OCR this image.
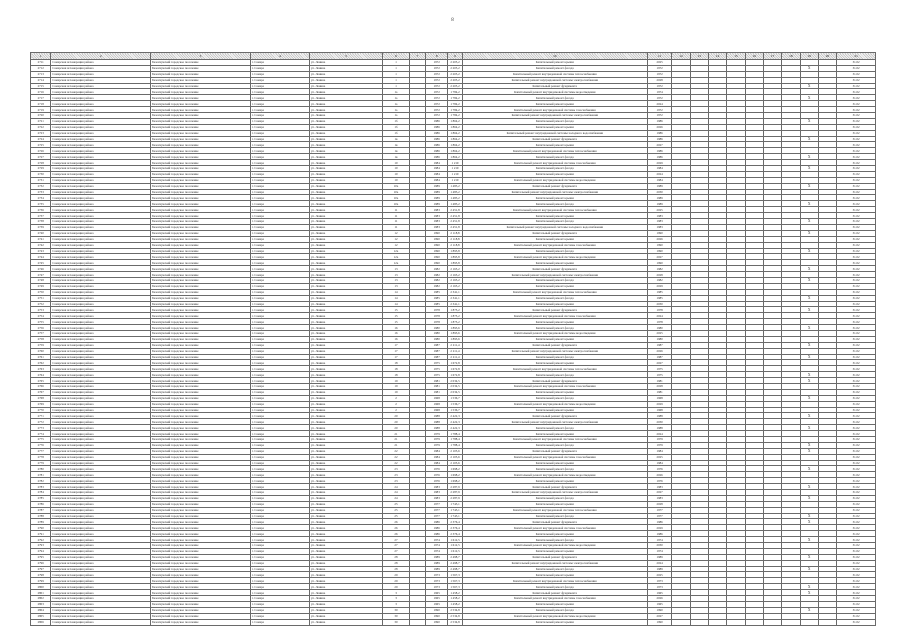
8
1	2	3	4	5	6	7	8	9	10	11	12	13	14	15	16	17	18	19	20	21
2711	Самарская агломерация района	Безенчукский городское поселение	г. Самара	ул. Ленина	1		1972	2 205,2	Капитальный ремонт крыши	2025										31.02
2712	Самарская агломерация района	Безенчукский городское поселение	г. Самара	ул. Ленина	1		1972	2 205,2	Капитальный ремонт фасада	1972								X		31.02
2713	Самарская агломерация района	Безенчукский городское поселение	г. Самара	ул. Ленина	1		1972	2 205,2	Капитальный ремонт внутридомовой системы теплоснабжения	1972										31.02
2714	Самарская агломерация района	Безенчукский городское поселение	г. Самара	ул. Ленина	1		1972	2 205,2	Капитальный ремонт внутридомовой системы электроснабжения	2028										31.02
2715	Самарская агломерация района	Безенчукский городское поселение	г. Самара	ул. Ленина	1		1972	2 205,2	Капитальный ремонт фундамента	1972								X		31.02
2716	Самарская агломерация района	Безенчукский городское поселение	г. Самара	ул. Ленина	1а		1972	1 784,2	Капитальный ремонт внутридомовой системы водоотведения	1974										31.02
2717	Самарская агломерация района	Безенчукский городское поселение	г. Самара	ул. Ленина	1а		1972	1 784,2	Капитальный ремонт фасада	1972								X		31.02
2718	Самарская агломерация района	Безенчукский городское поселение	г. Самара	ул. Ленина	1а		1972	1 784,2	Капитальный ремонт крыши	2024										31.02
2719	Самарская агломерация района	Безенчукский городское поселение	г. Самара	ул. Ленина	1а		1972	1 784,2	Капитальный ремонт внутридомовой системы газоснабжения	1972										31.02
2720	Самарская агломерация района	Безенчукский городское поселение	г. Самара	ул. Ленина	1а		1972	1 784,2	Капитальный ремонт внутридомовой системы электроснабжения	1972										31.02
2721	Самарская агломерация района	Безенчукский городское поселение	г. Самара	ул. Ленина	1б		1986	1 864,2	Капитальный ремонт фасада	1986								X		31.02
2722	Самарская агломерация района	Безенчукский городское поселение	г. Самара	ул. Ленина	1б		1986	1 864,2	Капитальный ремонт крыши	2026										31.02
2723	Самарская агломерация района	Безенчукский городское поселение	г. Самара	ул. Ленина	1б		1986	1 864,2	Капитальный ремонт внутридомовой системы холодного водоснабжения	1986										31.02
2724	Самарская агломерация района	Безенчукский городское поселение	г. Самара	ул. Ленина	1в		1986	1 864,2	Капитальный ремонт фундамента	1986								X		31.02
2725	Самарская агломерация района	Безенчукский городское поселение	г. Самара	ул. Ленина	1в		1986	1 864,2	Капитальный ремонт крыши	2027										31.02
2726	Самарская агломерация района	Безенчукский городское поселение	г. Самара	ул. Ленина	1в		1986	1 864,2	Капитальный ремонт внутридомовой системы теплоснабжения	1986										31.02
2727	Самарская агломерация района	Безенчукский городское поселение	г. Самара	ул. Ленина	1в		1986	1 864,2	Капитальный ремонт фасада	1986								X		31.02
2728	Самарская агломерация района	Безенчукский городское поселение	г. Самара	ул. Ленина	10		1984	1 219	Капитальный ремонт внутридомовой системы газоснабжения	2029										31.02
2729	Самарская агломерация района	Безенчукский городское поселение	г. Самара	ул. Ленина	10		1984	1 219	Капитальный ремонт фасада	1984								X		31.02
2730	Самарская агломерация района	Безенчукский городское поселение	г. Самара	ул. Ленина	10		1984	1 219	Капитальный ремонт крыши	2024										31.02
2731	Самарская агломерация района	Безенчукский городское поселение	г. Самара	ул. Ленина	10		1984	1 219	Капитальный ремонт внутридомовой системы водоотведения	1984										31.02
2732	Самарская агломерация района	Безенчукский городское поселение	г. Самара	ул. Ленина	10а		1989	1 483,2	Капитальный ремонт фундамента	1989								X		31.02
2733	Самарская агломерация района	Безенчукский городское поселение	г. Самара	ул. Ленина	10а		1989	1 483,2	Капитальный ремонт внутридомовой системы электроснабжения	2030										31.02
2734	Самарская агломерация района	Безенчукский городское поселение	г. Самара	ул. Ленина	10а		1989	1 483,2	Капитальный ремонт крыши	1989										31.02
2735	Самарская агломерация района	Безенчукский городское поселение	г. Самара	ул. Ленина	10а		1989	1 483,2	Капитальный ремонт фасада	1989								X		31.02
2736	Самарская агломерация района	Безенчукский городское поселение	г. Самара	ул. Ленина	11		1983	2 451,8	Капитальный ремонт внутридомовой системы теплоснабжения	2025										31.02
2737	Самарская агломерация района	Безенчукский городское поселение	г. Самара	ул. Ленина	11		1983	2 451,8	Капитальный ремонт крыши	1983										31.02
2738	Самарская агломерация района	Безенчукский городское поселение	г. Самара	ул. Ленина	11		1983	2 451,8	Капитальный ремонт фасада	1983								X		31.02
2739	Самарская агломерация района	Безенчукский городское поселение	г. Самара	ул. Ленина	11		1983	2 451,8	Капитальный ремонт внутридомовой системы холодного водоснабжения	1983										31.02
2740	Самарская агломерация района	Безенчукский городское поселение	г. Самара	ул. Ленина	12		1990	2 118,8	Капитальный ремонт фундамента	1990								X		31.02
2741	Самарская агломерация района	Безенчукский городское поселение	г. Самара	ул. Ленина	12		1990	2 118,8	Капитальный ремонт крыши	2026										31.02
2742	Самарская агломерация района	Безенчукский городское поселение	г. Самара	ул. Ленина	12		1990	2 118,8	Капитальный ремонт внутридомовой системы газоснабжения	1990										31.02
2743	Самарская агломерация района	Безенчукский городское поселение	г. Самара	ул. Ленина	12а		1990	1 895,8	Капитальный ремонт фасада	1990								X		31.02
2744	Самарская агломерация района	Безенчукский городское поселение	г. Самара	ул. Ленина	12а		1990	1 895,8	Капитальный ремонт внутридомовой системы водоотведения	2027										31.02
2745	Самарская агломерация района	Безенчукский городское поселение	г. Самара	ул. Ленина	12а		1990	1 895,8	Капитальный ремонт крыши	1990										31.02
2746	Самарская агломерация района	Безенчукский городское поселение	г. Самара	ул. Ленина	13		1982	2 165,2	Капитальный ремонт фундамента	1982								X		31.02
2747	Самарская агломерация района	Безенчукский городское поселение	г. Самара	ул. Ленина	13		1982	2 165,2	Капитальный ремонт внутридомовой системы электроснабжения	2028										31.02
2748	Самарская агломерация района	Безенчукский городское поселение	г. Самара	ул. Ленина	13		1982	2 165,2	Капитальный ремонт фасада	1982								X		31.02
2749	Самарская агломерация района	Безенчукский городское поселение	г. Самара	ул. Ленина	13		1982	2 165,2	Капитальный ремонт крыши	2029										31.02
2750	Самарская агломерация района	Безенчукский городское поселение	г. Самара	ул. Ленина	14		1985	2 341,1	Капитальный ремонт внутридомовой системы теплоснабжения	1985										31.02
2751	Самарская агломерация района	Безенчукский городское поселение	г. Самара	ул. Ленина	14		1985	2 341,1	Капитальный ремонт фасада	1985								X		31.02
2752	Самарская агломерация района	Безенчукский городское поселение	г. Самара	ул. Ленина	14		1985	2 341,1	Капитальный ремонт крыши	2030										31.02
2753	Самарская агломерация района	Безенчукский городское поселение	г. Самара	ул. Ленина	15		1978	1 875,2	Капитальный ремонт фундамента	1978								X		31.02
2754	Самарская агломерация района	Безенчукский городское поселение	г. Самара	ул. Ленина	15		1978	1 875,2	Капитальный ремонт внутридомовой системы газоснабжения	2024										31.02
2755	Самарская агломерация района	Безенчукский городское поселение	г. Самара	ул. Ленина	15		1978	1 875,2	Капитальный ремонт крыши	1978										31.02
2756	Самарская агломерация района	Безенчукский городское поселение	г. Самара	ул. Ленина	16		1980	1 893,6	Капитальный ремонт фасада	1980								X		31.02
2757	Самарская агломерация района	Безенчукский городское поселение	г. Самара	ул. Ленина	16		1980	1 893,6	Капитальный ремонт внутридомовой системы водоотведения	2025										31.02
2758	Самарская агломерация района	Безенчукский городское поселение	г. Самара	ул. Ленина	16		1980	1 893,6	Капитальный ремонт крыши	1980										31.02
2759	Самарская агломерация района	Безенчукский городское поселение	г. Самара	ул. Ленина	17		1987	2 211,4	Капитальный ремонт фундамента	1987								X		31.02
2760	Самарская агломерация района	Безенчукский городское поселение	г. Самара	ул. Ленина	17		1987	2 211,4	Капитальный ремонт внутридомовой системы электроснабжения	2026										31.02
2761	Самарская агломерация района	Безенчукский городское поселение	г. Самара	ул. Ленина	17		1987	2 211,4	Капитальный ремонт фасада	1987								X		31.02
2762	Самарская агломерация района	Безенчукский городское поселение	г. Самара	ул. Ленина	18		1975	1 672,8	Капитальный ремонт крыши	2027										31.02
2763	Самарская агломерация района	Безенчукский городское поселение	г. Самара	ул. Ленина	18		1975	1 672,8	Капитальный ремонт внутридомовой системы теплоснабжения	1975										31.02
2764	Самарская агломерация района	Безенчукский городское поселение	г. Самара	ул. Ленина	18		1975	1 672,8	Капитальный ремонт фасада	1975								X		31.02
2765	Самарская агломерация района	Безенчукский городское поселение	г. Самара	ул. Ленина	19		1981	2 034,5	Капитальный ремонт фундамента	1981								X		31.02
2766	Самарская агломерация района	Безенчукский городское поселение	г. Самара	ул. Ленина	19		1981	2 034,5	Капитальный ремонт внутридомовой системы газоснабжения	2028										31.02
2767	Самарская агломерация района	Безенчукский городское поселение	г. Самара	ул. Ленина	19		1981	2 034,5	Капитальный ремонт крыши	1981										31.02
2768	Самарская агломерация района	Безенчукский городское поселение	г. Самара	ул. Ленина	2		1968	1 536,7	Капитальный ремонт фасада	1968								X		31.02
2769	Самарская агломерация района	Безенчукский городское поселение	г. Самара	ул. Ленина	2		1968	1 536,7	Капитальный ремонт внутридомовой системы водоотведения	2029										31.02
2770	Самарская агломерация района	Безенчукский городское поселение	г. Самара	ул. Ленина	2		1968	1 536,7	Капитальный ремонт крыши	1968										31.02
2771	Самарская агломерация района	Безенчукский городское поселение	г. Самара	ул. Ленина	20		1988	2 422,3	Капитальный ремонт фундамента	1988								X		31.02
2772	Самарская агломерация района	Безенчукский городское поселение	г. Самара	ул. Ленина	20		1988	2 422,3	Капитальный ремонт внутридомовой системы электроснабжения	2030										31.02
2773	Самарская агломерация района	Безенчукский городское поселение	г. Самара	ул. Ленина	20		1988	2 422,3	Капитальный ремонт фасада	1988								X		31.02
2774	Самарская агломерация района	Безенчукский городское поселение	г. Самара	ул. Ленина	21		1979	1 788,4	Капитальный ремонт крыши	2024										31.02
2775	Самарская агломерация района	Безенчукский городское поселение	г. Самара	ул. Ленина	21		1979	1 788,4	Капитальный ремонт внутридомовой системы теплоснабжения	1979										31.02
2776	Самарская агломерация района	Безенчукский городское поселение	г. Самара	ул. Ленина	21		1979	1 788,4	Капитальный ремонт фасада	1979								X		31.02
2777	Самарская агломерация района	Безенчукский городское поселение	г. Самара	ул. Ленина	22		1984	2 105,6	Капитальный ремонт фундамента	1984								X		31.02
2778	Самарская агломерация района	Безенчукский городское поселение	г. Самара	ул. Ленина	22		1984	2 105,6	Капитальный ремонт внутридомовой системы газоснабжения	2025										31.02
2779	Самарская агломерация района	Безенчукский городское поселение	г. Самара	ул. Ленина	22		1984	2 105,6	Капитальный ремонт крыши	1984										31.02
2780	Самарская агломерация района	Безенчукский городское поселение	г. Самара	ул. Ленина	23		1976	1 698,2	Капитальный ремонт фасада	1976								X		31.02
2781	Самарская агломерация района	Безенчукский городское поселение	г. Самара	ул. Ленина	23		1976	1 698,2	Капитальный ремонт внутридомовой системы водоотведения	2026										31.02
2782	Самарская агломерация района	Безенчукский городское поселение	г. Самара	ул. Ленина	23		1976	1 698,2	Капитальный ремонт крыши	1976										31.02
2783	Самарская агломерация района	Безенчукский городское поселение	г. Самара	ул. Ленина	24		1983	2 287,9	Капитальный ремонт фундамента	1983								X		31.02
2784	Самарская агломерация района	Безенчукский городское поселение	г. Самара	ул. Ленина	24		1983	2 287,9	Капитальный ремонт внутридомовой системы электроснабжения	2027										31.02
2785	Самарская агломерация района	Безенчукский городское поселение	г. Самара	ул. Ленина	24		1983	2 287,9	Капитальный ремонт фасада	1983								X		31.02
2786	Самарская агломерация района	Безенчукский городское поселение	г. Самара	ул. Ленина	25		1977	1 743,1	Капитальный ремонт крыши	2028										31.02
2787	Самарская агломерация района	Безенчукский городское поселение	г. Самара	ул. Ленина	25		1977	1 743,1	Капитальный ремонт внутридомовой системы теплоснабжения	1977										31.02
2788	Самарская агломерация района	Безенчукский городское поселение	г. Самара	ул. Ленина	25		1977	1 743,1	Капитальный ремонт фасада	1977								X		31.02
2789	Самарская агломерация района	Безенчукский городское поселение	г. Самара	ул. Ленина	26		1986	2 376,4	Капитальный ремонт фундамента	1986								X		31.02
2790	Самарская агломерация района	Безенчукский городское поселение	г. Самара	ул. Ленина	26		1986	2 376,4	Капитальный ремонт внутридомовой системы газоснабжения	2029										31.02
2791	Самарская агломерация района	Безенчукский городское поселение	г. Самара	ул. Ленина	26		1986	2 376,4	Капитальный ремонт крыши	1986										31.02
2792	Самарская агломерация района	Безенчукский городское поселение	г. Самара	ул. Ленина	27		1974	1 612,5	Капитальный ремонт фасада	1974								X		31.02
2793	Самарская агломерация района	Безенчукский городское поселение	г. Самара	ул. Ленина	27		1974	1 612,5	Капитальный ремонт внутридомовой системы водоотведения	2030										31.02
2794	Самарская агломерация района	Безенчукский городское поселение	г. Самара	ул. Ленина	27		1974	1 612,5	Капитальный ремонт крыши	1974										31.02
2795	Самарская агломерация района	Безенчукский городское поселение	г. Самара	ул. Ленина	28		1989	2 498,7	Капитальный ремонт фундамента	1989								X		31.02
2796	Самарская агломерация района	Безенчукский городское поселение	г. Самара	ул. Ленина	28		1989	2 498,7	Капитальный ремонт внутридомовой системы электроснабжения	2024										31.02
2797	Самарская агломерация района	Безенчукский городское поселение	г. Самара	ул. Ленина	28		1989	2 498,7	Капитальный ремонт фасада	1989								X		31.02
2798	Самарская агломерация района	Безенчукский городское поселение	г. Самара	ул. Ленина	29		1973	1 567,3	Капитальный ремонт крыши	2025										31.02
2799	Самарская агломерация района	Безенчукский городское поселение	г. Самара	ул. Ленина	29		1973	1 567,3	Капитальный ремонт внутридомовой системы теплоснабжения	1973										31.02
2800	Самарская агломерация района	Безенчукский городское поселение	г. Самара	ул. Ленина	29		1973	1 567,3	Капитальный ремонт фасада	1973								X		31.02
2801	Самарская агломерация района	Безенчукский городское поселение	г. Самара	ул. Ленина	3		1965	1 458,2	Капитальный ремонт фундамента	1965								X		31.02
2802	Самарская агломерация района	Безенчукский городское поселение	г. Самара	ул. Ленина	3		1965	1 458,2	Капитальный ремонт внутридомовой системы газоснабжения	2026										31.02
2803	Самарская агломерация района	Безенчукский городское поселение	г. Самара	ул. Ленина	3		1965	1 458,2	Капитальный ремонт крыши	1965										31.02
2804	Самарская агломерация района	Безенчукский городское поселение	г. Самара	ул. Ленина	30		1990	2 534,8	Капитальный ремонт фасада	1990								X		31.02
2805	Самарская агломерация района	Безенчукский городское поселение	г. Самара	ул. Ленина	30		1990	2 534,8	Капитальный ремонт внутридомовой системы водоотведения	2027										31.02
2806	Самарская агломерация района	Безенчукский городское поселение	г. Самара	ул. Ленина	30		1990	2 534,8	Капитальный ремонт крыши	1990										31.02
